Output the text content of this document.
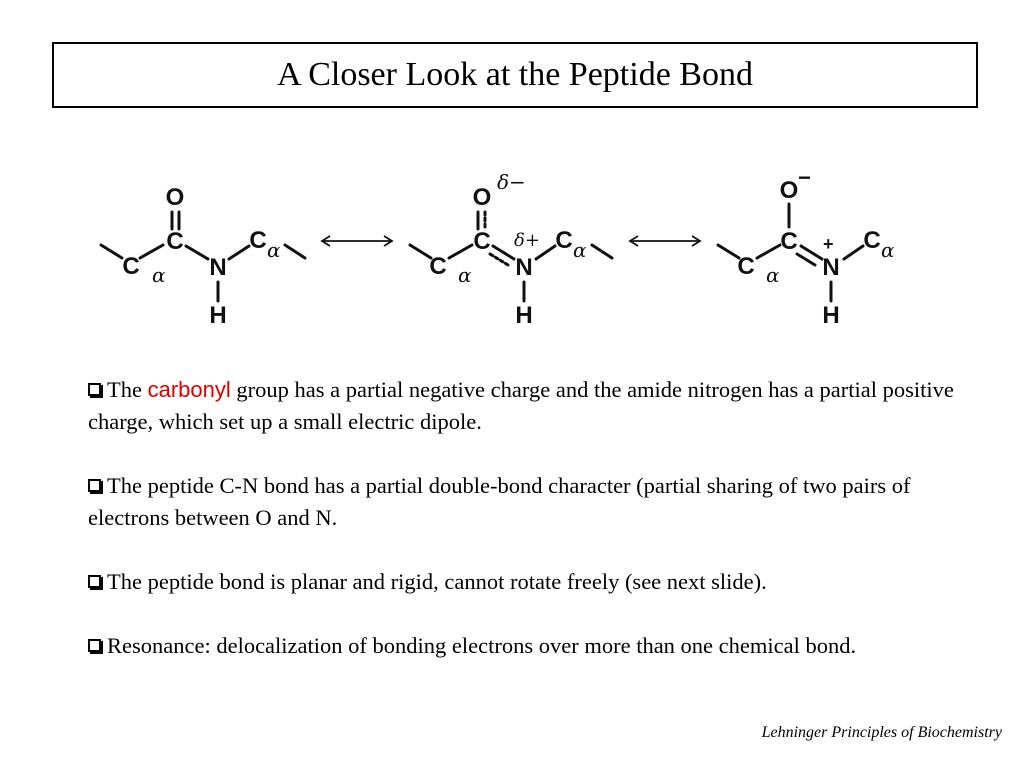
A Closer Look at the Peptide Bond
O
C
C α N
H
C α
O
δ−
C
C α N
δ+
H
C α
O −
C
C α N
+
H
C α

The carbonyl group has a partial negative charge and the amide nitrogen has a partial positive charge, which set up a small electric dipole.

The peptide C-N bond has a partial double-bond character (partial sharing of two pairs of electrons between O and N.

The peptide bond is planar and rigid, cannot rotate freely (see next slide).

Resonance: delocalization of bonding electrons over more than one chemical bond.

Lehninger Principles of Biochemistry
